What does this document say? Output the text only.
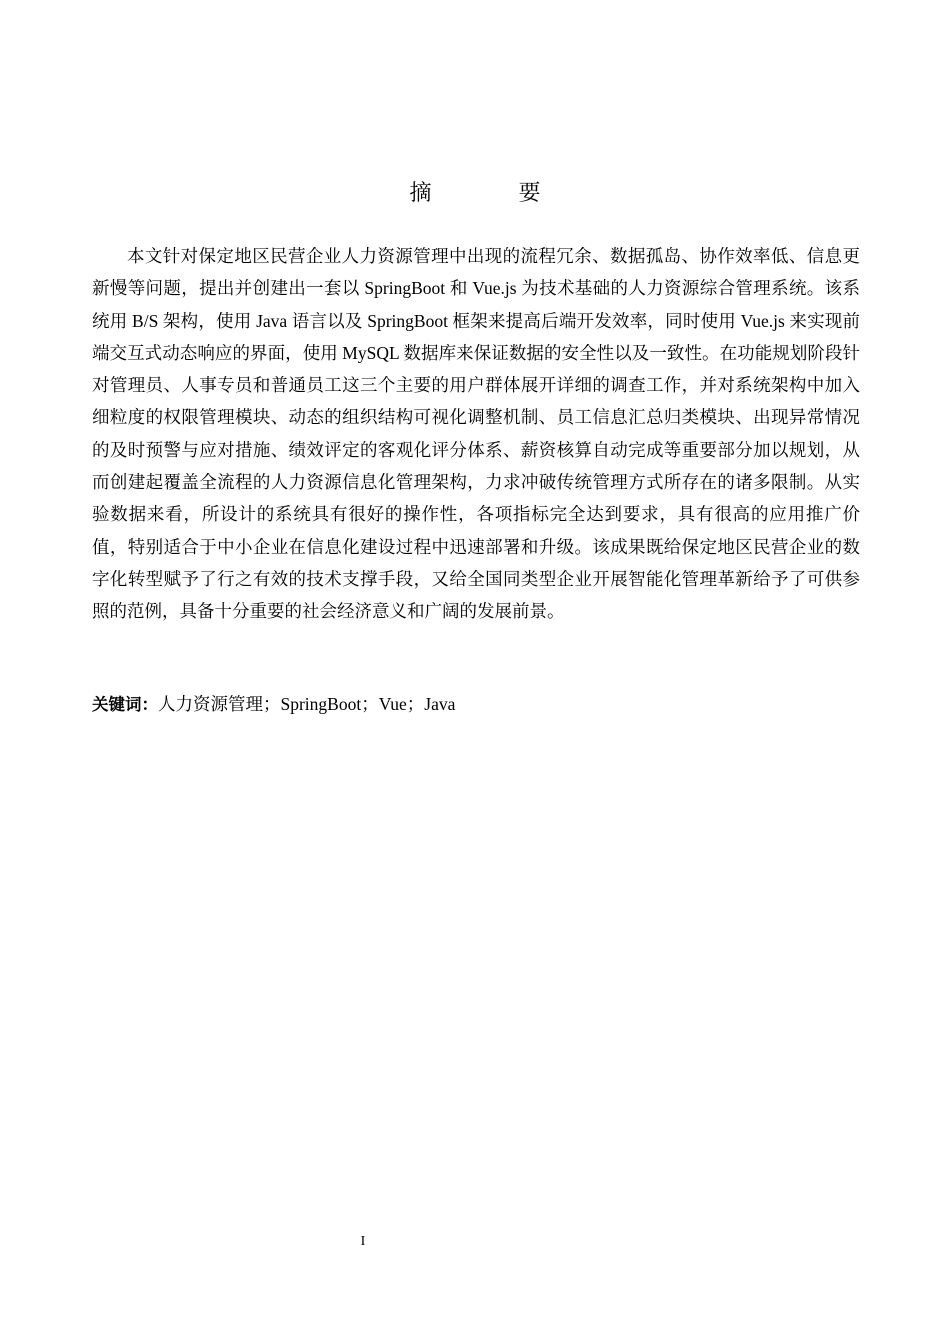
摘 要

本文针对保定地区民营企业人力资源管理中出现的流程冗余、数据孤岛、协作效率低、信息更新慢等问题，提出并创建出一套以 SpringBoot 和 Vue.js 为技术基础的人力资源综合管理系统。该系统用 B/S 架构，使用 Java 语言以及 SpringBoot 框架来提高后端开发效率，同时使用 Vue.js 来实现前端交互式动态响应的界面，使用 MySQL 数据库来保证数据的安全性以及一致性。在功能规划阶段针对管理员、人事专员和普通员工这三个主要的用户群体展开详细的调查工作，并对系统架构中加入细粒度的权限管理模块、动态的组织结构可视化调整机制、员工信息汇总归类模块、出现异常情况的及时预警与应对措施、绩效评定的客观化评分体系、薪资核算自动完成等重要部分加以规划，从而创建起覆盖全流程的人力资源信息化管理架构，力求冲破传统管理方式所存在的诸多限制。从实验数据来看，所设计的系统具有很好的操作性，各项指标完全达到要求，具有很高的应用推广价值，特别适合于中小企业在信息化建设过程中迅速部署和升级。该成果既给保定地区民营企业的数字化转型赋予了行之有效的技术支撑手段，又给全国同类型企业开展智能化管理革新给予了可供参照的范例，具备十分重要的社会经济意义和广阔的发展前景。

关键词：人力资源管理；SpringBoot；Vue；Java

I
